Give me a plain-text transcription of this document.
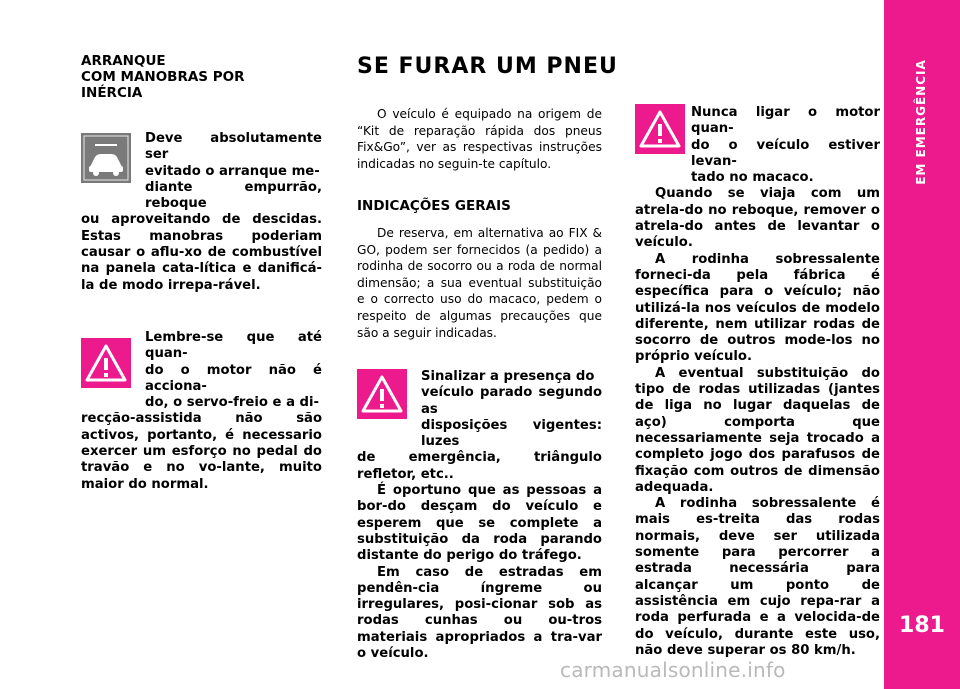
EM EMERGÊNCIA
181
ARRANQUE
COM MANOBRAS POR
INÉRCIA
Deve absolutamente ser
evitado o arranque me-
diante empurrão, reboque

ou aproveitando de descidas. Estas manobras poderiam causar o aflu-xo de combustível na panela cata-lítica e danificá-la de modo irrepa-rável.

Lembre-se que até quan-
do o motor não é acciona-
do, o servo-freio e a di-

recção-assistida não são activos, portanto, é necessario exercer um esforço no pedal do travão e no vo-lante, muito maior do normal.

SE FURAR UM PNEU

O veículo é equipado na origem de “Kit de reparação rápida dos pneus Fix&Go”, ver as respectivas instruções indicadas no seguin-te capítulo.

INDICAÇÕES GERAIS

De reserva, em alternativa ao FIX & GO, podem ser fornecidos (a pedido) a rodinha de socorro ou a roda de normal dimensão; a sua eventual substituição e o correcto uso do macaco, pedem o respeito de algumas precauções que são a seguir indicadas.

Sinalizar a presença do
veículo parado segundo as
disposições vigentes: luzes

de emergência, triângulo refletor, etc..

É oportuno que as pessoas a bor-do desçam do veículo e esperem que se complete a substituição da roda parando distante do perigo do tráfego.

Em caso de estradas em pendên-cia íngreme ou irregulares, posi-cionar sob as rodas cunhas ou ou-tros materiais apropriados a tra-var o veículo.

Nunca ligar o motor quan-
do o veículo estiver levan-
tado no macaco.

Quando se viaja com um atrela-do no reboque, remover o atrela-do antes de levantar o veículo.

A rodinha sobressalente forneci-da pela fábrica é específica para o veículo; não utilizá-la nos veículos de modelo diferente, nem utilizar rodas de socorro de outros mode-los no próprio veículo.

A eventual substituição do tipo de rodas utilizadas (jantes de liga no lugar daquelas de aço) comporta que necessariamente seja trocado a completo jogo dos parafusos de fixação com outros de dimensão adequada.

A rodinha sobressalente é mais es-treita das rodas normais, deve ser utilizada somente para percorrer a estrada necessária para alcançar um ponto de assistência em cujo repa-rar a roda perfurada e a velocida-de do veículo, durante este uso, não deve superar os 80 km/h.

carmanualsonline.info
